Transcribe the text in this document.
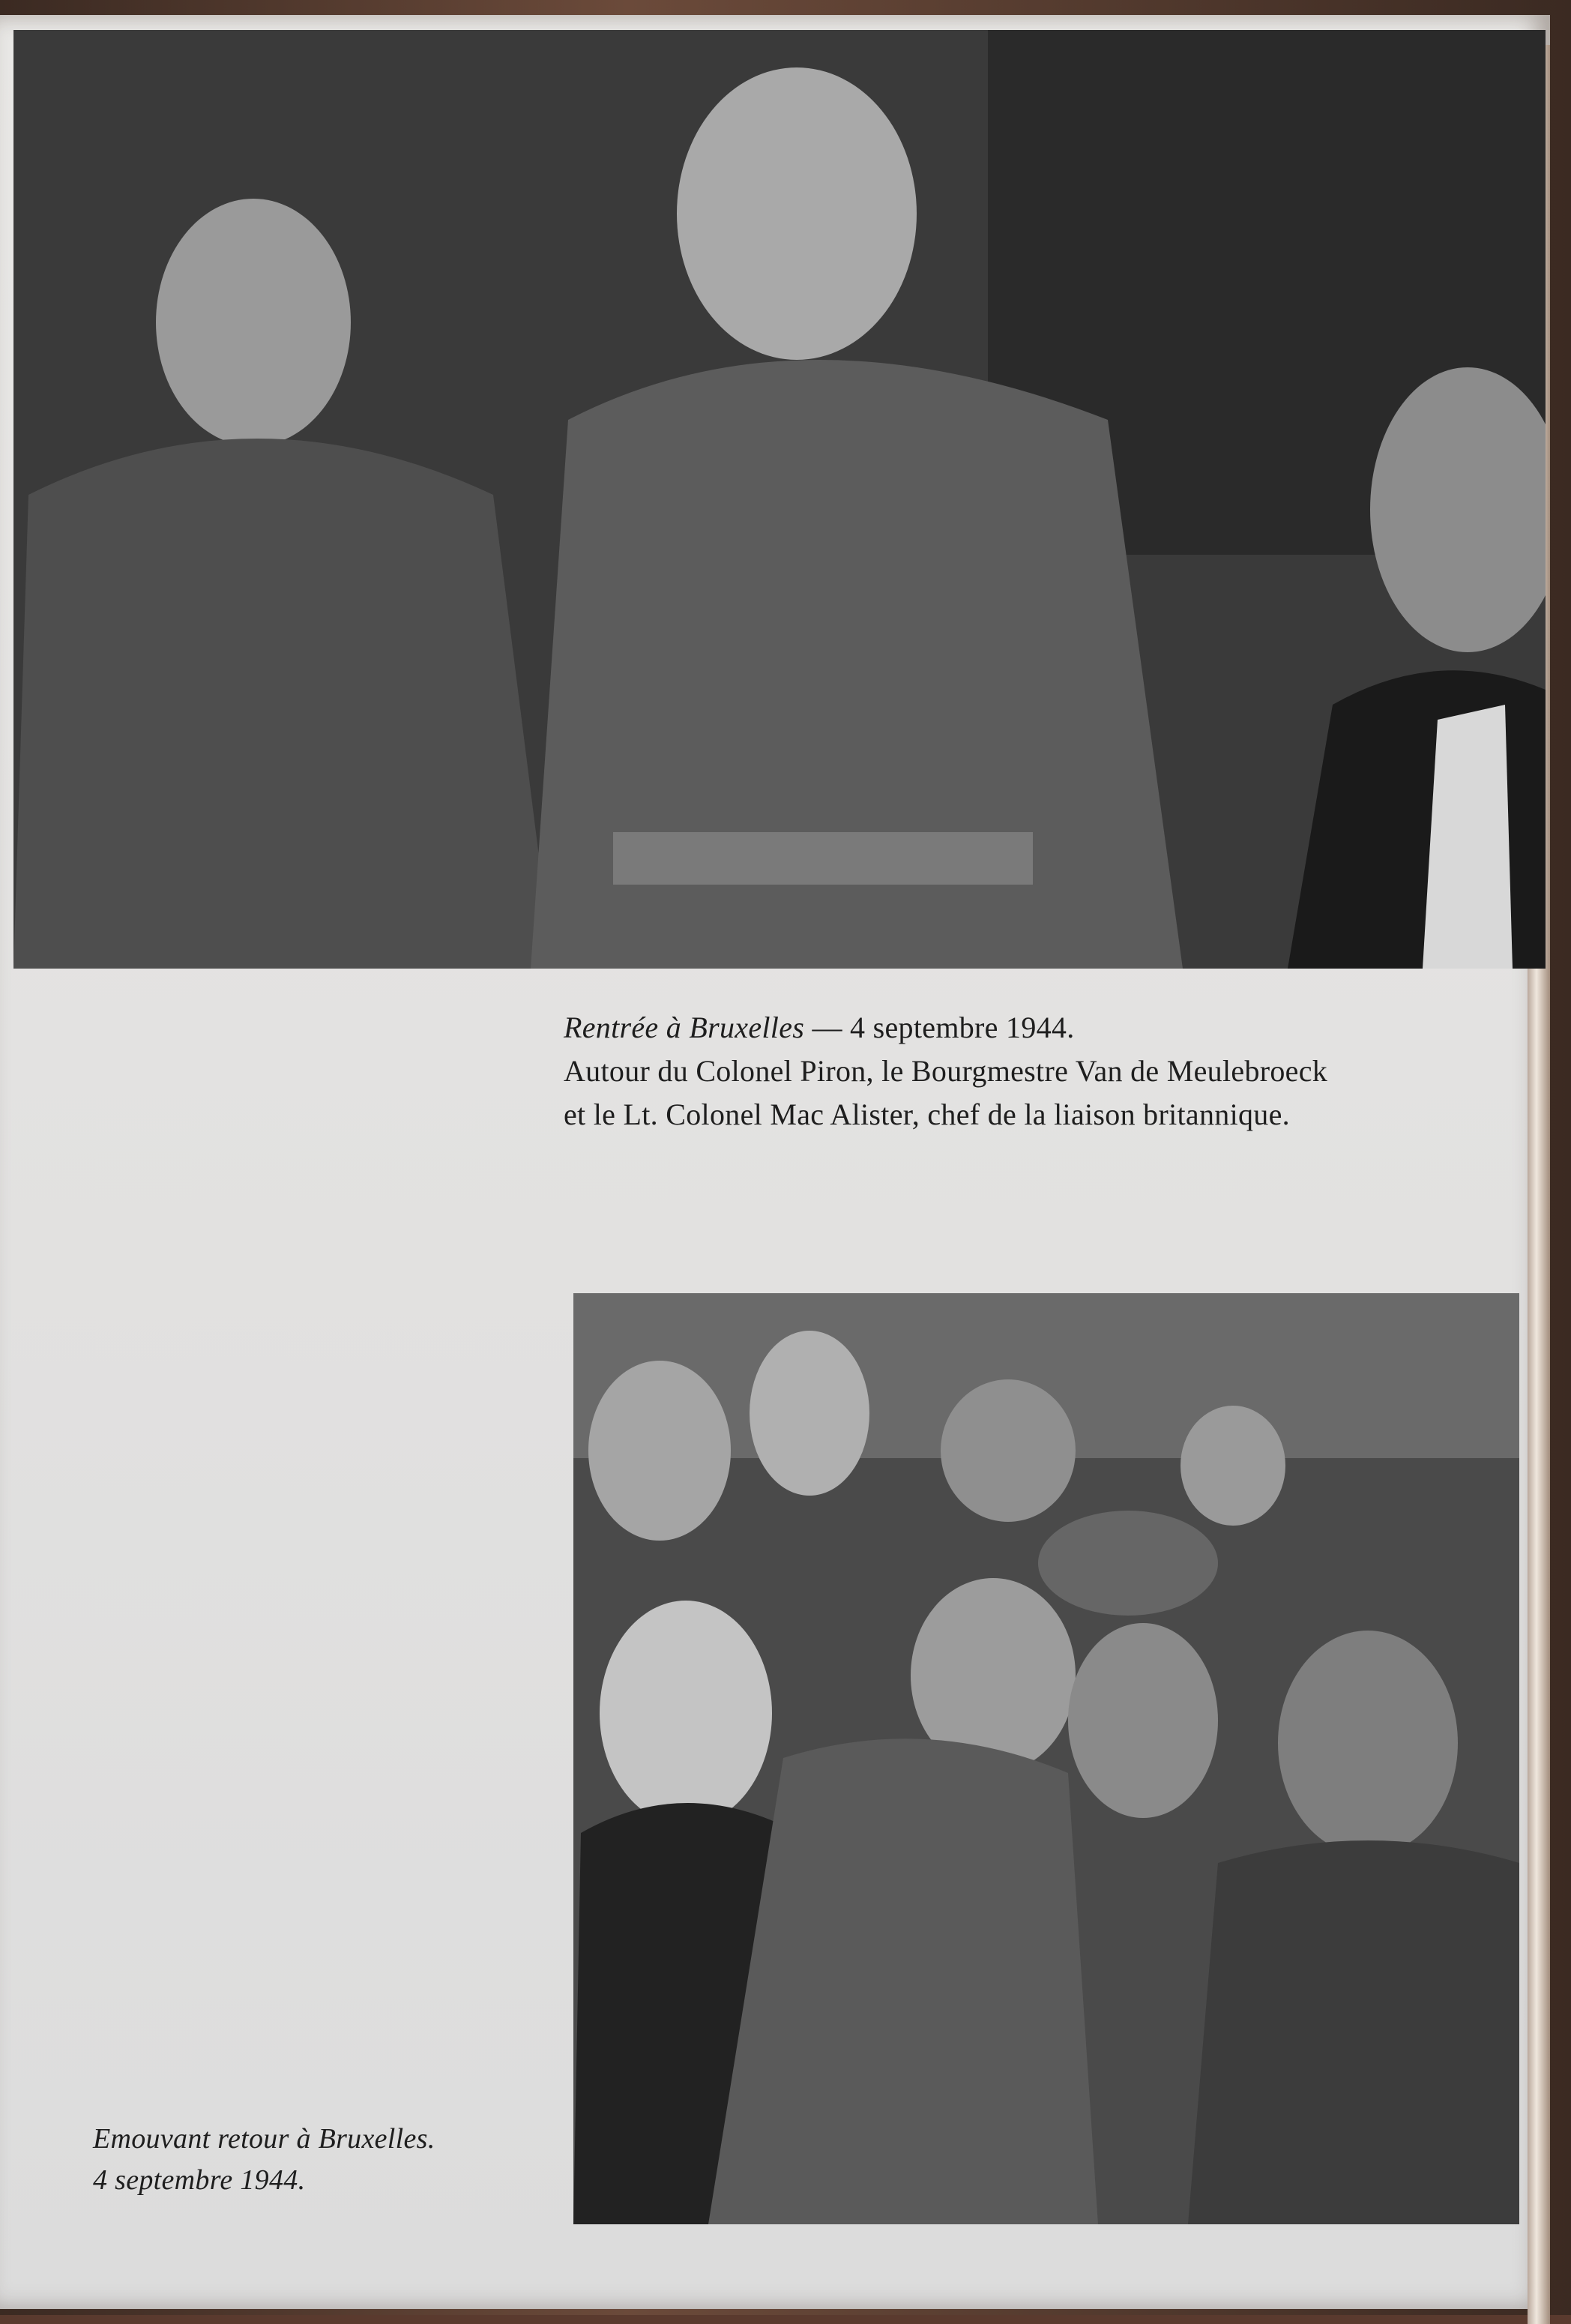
Rentrée à Bruxelles — 4 septembre 1944.
Autour du Colonel Piron, le Bourgmestre Van de Meulebroeck
et le Lt. Colonel Mac Alister, chef de la liaison britannique.
Emouvant retour à Bruxelles.
4 septembre 1944.
